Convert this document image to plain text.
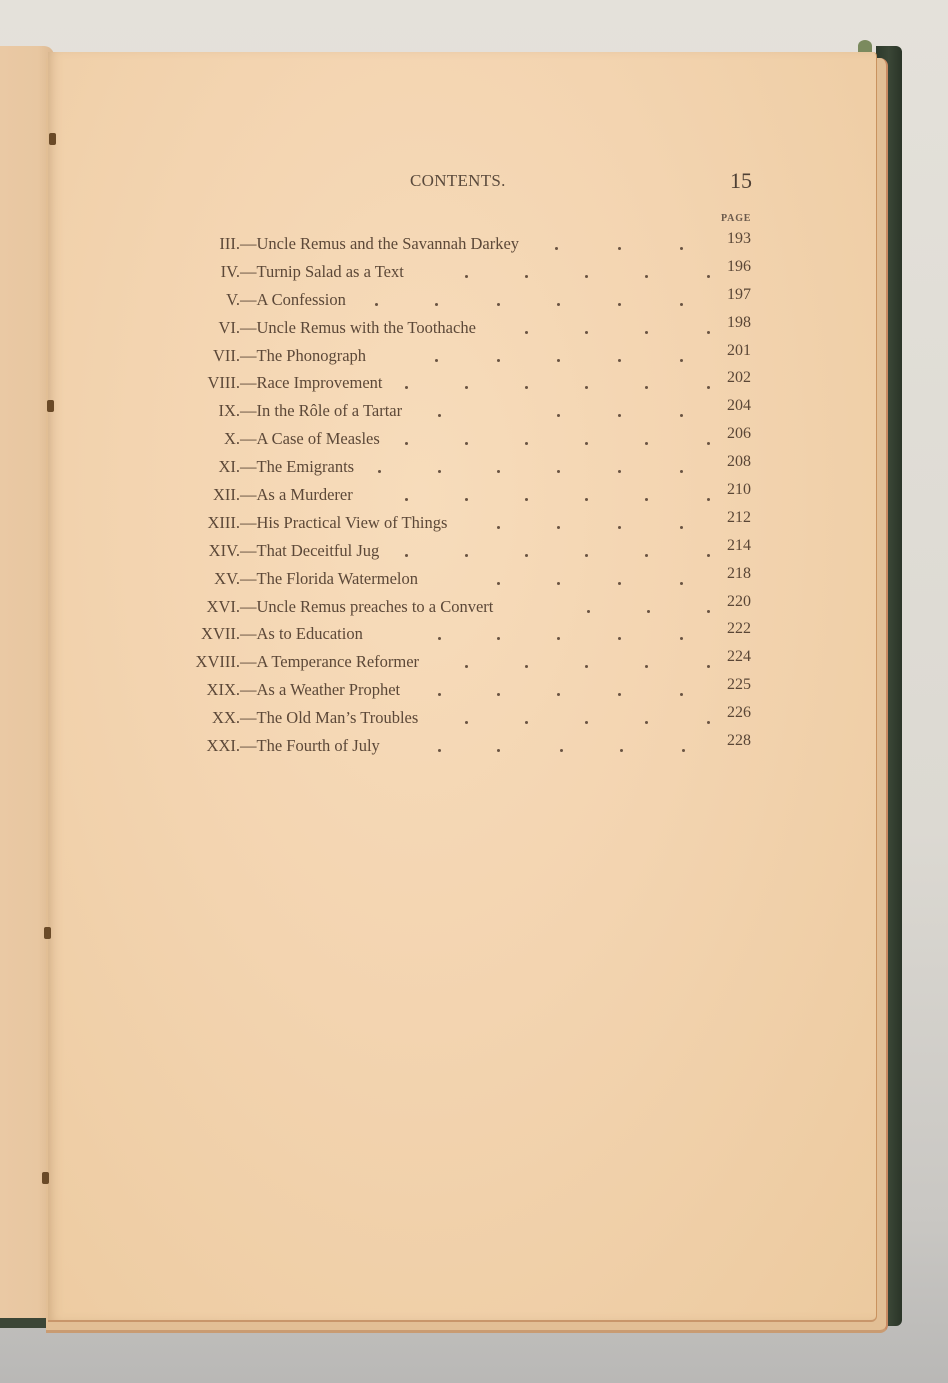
CONTENTS.	15
PAGE
III. —Uncle Remus and the Savannah Darkey	193
IV. —Turnip Salad as a Text	196
V. —A Confession	197
VI. —Uncle Remus with the Toothache	198
VII. —The Phonograph	201
VIII. —Race Improvement	202
IX. —In the Rôle of a Tartar	204
X. —A Case of Measles	206
XI. —The Emigrants	208
XII. —As a Murderer	210
XIII. —His Practical View of Things	212
XIV. —That Deceitful Jug	214
XV. —The Florida Watermelon	218
XVI. —Uncle Remus preaches to a Convert	220
XVII. —As to Education	222
XVIII. —A Temperance Reformer	224
XIX. —As a Weather Prophet	225
XX. —The Old Man’s Troubles	226
XXI. —The Fourth of July	228
